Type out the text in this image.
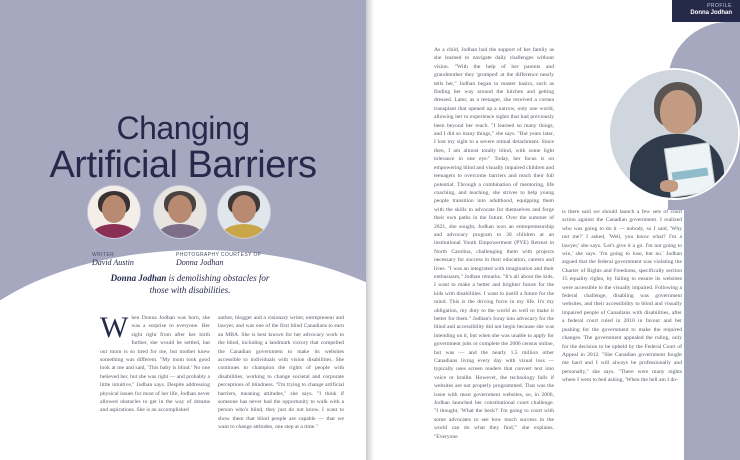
Changing
Artificial Barriers
WRITER
David Austin
PHOTOGRAPHY COURTESY OF
Donna Jodhan
Donna Jodhan is demolishing obstacles for those with disabilities.
When Donna Jodhan was born, she was a surprise to everyone. Her sight right from after her birth further, she would be settled, but our mom is so tired for me, but mother knew something was different. "My mom took good look at me and said, 'This baby is blind.' No one believed her, but she was right — and probably a little intuitive," Jodhan says. Despite addressing physical issues for most of her life, Jodhan never allowed obstacles to get in the way of dreams and aspirations. She is an accomplished
author, blogger and a visionary writer, entrepreneur and lawyer, and was one of the first blind Canadians to earn an MBA. She is best known for her advocacy work to the blind, including a landmark victory that compelled the Canadian government to make its websites accessible to individuals with vision disabilities. She continues to champion the rights of people with disabilities, working to change societal and corporate perceptions of blindness. "I'm trying to change artificial barriers, meaning attitudes," she says. "I think if someone has never had the opportunity to walk with a person who's blind, they just do not know. I want to show them that blind people are capable — that we want to change attitudes, one step at a time."
PROFILE
Donna Jodhan
As a child, Jodhan had the support of her family as she learned to navigate daily challenges without vision. "With the help of her parents and grandmother they 'grumped' at the difference nearly tells her," Jodhan began to master basics, such as finding her way around the kitchen and getting dressed. Later, as a teenager, she received a cornea transplant that opened up a narrow, only one world, allowing her to experience sights that had previously been beyond her reach. "I learned so many things, and I did so many things," she says. "But years later, I lost my sight to a severe retinal detachment. Since then, I am almost totally blind, with some light tolerance in one eye." Today, her focus is on empowering blind and visually impaired children and teenagers to overcome barriers and reach their full potential. Through a combination of mentoring, life coaching, and teaching, she strives to help young people transition into adulthood, equipping them with the skills to advocate for themselves and forge their own paths in the future. Over the summer of 2021, she sought, Jodhan won an entrepreneurship and advocacy program to 30 children at an institutional Youth Empowerment (PYE) Retreat in North Carolina, challenging them with projects necessary for success in their education, careers and lives. "I was an integrated with imagination and their enthusiasm," Jodhan remarks. "It's all about the kids. I want to make a better and brighter future for the kids with disabilities. I want to instill a future for the mind. This is the driving force in my life. It's my obligation, my duty to the world as well to make it better for them." Jodhan's foray into advocacy for the blind and accessibility did not begin because she was intending on it, but when she was unable to apply for government jobs or complete the 2006 census online, but was — and the nearly 1.5 million other Canadians living every day with visual loss — typically uses screen readers that convert text into voice or braille. However, the technology falls if websites are not properly programmed. That was the issue with most government websites, so, in 2006, Jodhan launched her constitutional court challenge. "I thought, 'What the heck?' I'm going to court with some advocates to see how much success in the world can do what they find,'" she explains. "Everyone
is there said we should launch a few sets of court action against the Canadian government. I realized who was going to do it — nobody, so I said, 'Why not me?' I asked, 'Well, you know what? I'm a lawyer,' she says. 'Let's give it a go. I'm not going to win,' she says. 'I'm going to lose, but no.' Jodhan argued that the federal government was violating the Charter of Rights and Freedoms, specifically section 15 equality rights, by failing to ensure its websites were accessible to the visually impaired. Following a federal challenge, disabling was government websites, and their accessibility to blind and visually impaired people of Canadians with disabilities, after a federal court ruled in 2010 in favour and her pushing for the government to make the required changes. The government appealed the ruling, only for the decision to be upheld by the Federal Court of Appeal in 2012. "She Canadian government fought me hard and I will always be professionally and personally," she says. "There were many nights where I went to bed asking, 'When the hell am I do-
